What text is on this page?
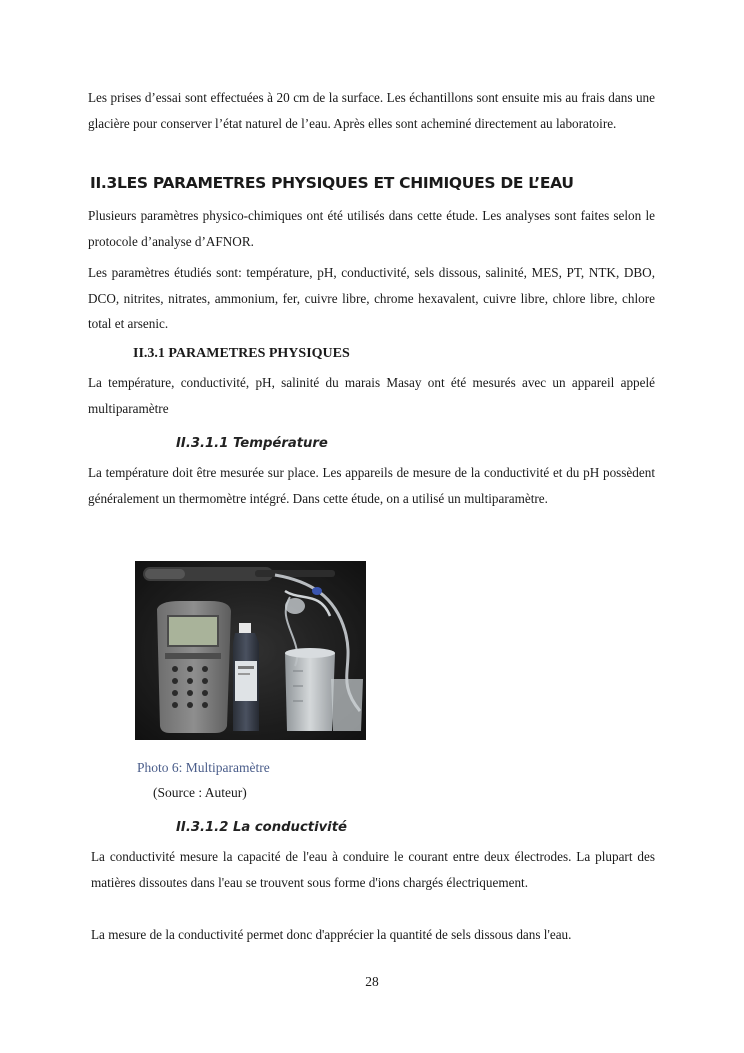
Les prises d’essai sont effectuées à 20 cm de la surface. Les échantillons sont ensuite mis au frais dans une glacière pour conserver l’état naturel de l’eau. Après elles sont acheminé directement au laboratoire.

II.3LES PARAMETRES PHYSIQUES ET CHIMIQUES DE L’EAU

Plusieurs paramètres physico-chimiques ont été utilisés dans cette étude. Les analyses sont faites selon le protocole d’analyse d’AFNOR.

Les paramètres étudiés sont: température, pH, conductivité, sels dissous, salinité, MES, PT, NTK, DBO, DCO, nitrites, nitrates, ammonium, fer, cuivre libre, chrome hexavalent, cuivre libre, chlore libre, chlore total et arsenic.

II.3.1 PARAMETRES PHYSIQUES

La température, conductivité, pH, salinité du marais Masay ont été mesurés avec un appareil appelé multiparamètre

II.3.1.1 Température

La température doit être mesurée sur place. Les appareils de mesure de la conductivité et du pH possèdent généralement un thermomètre intégré. Dans cette étude, on a utilisé un multiparamètre.

Photo 6: Multiparamètre

(Source : Auteur)

II.3.1.2 La conductivité

La conductivité mesure la capacité de l'eau à conduire le courant entre deux électrodes. La plupart des matières dissoutes dans l'eau se trouvent sous forme d'ions chargés électriquement.

La mesure de la conductivité permet donc d'apprécier la quantité de sels dissous dans l'eau.

28
